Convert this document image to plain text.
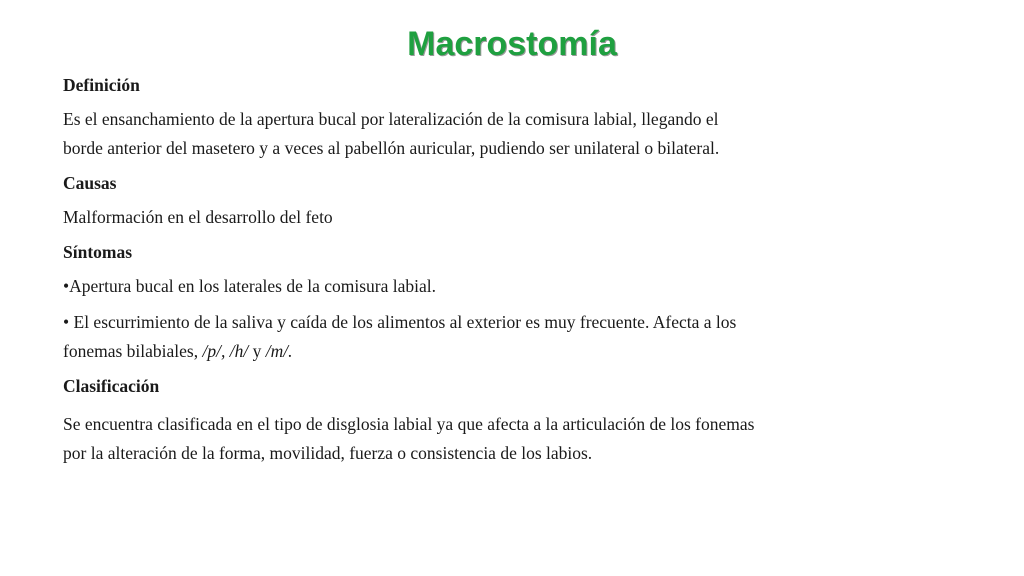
Macrostomía

Definición

Es el ensanchamiento de la apertura bucal por lateralización de la comisura labial, llegando el

borde anterior del masetero y a veces al pabellón auricular, pudiendo ser unilateral o bilateral.

Causas

Malformación en el desarrollo del feto

Síntomas

•Apertura bucal en los laterales de la comisura labial.

• El escurrimiento de la saliva y caída de los alimentos al exterior es muy frecuente. Afecta a los

fonemas bilabiales, /p/, /h/ y /m/.

Clasificación

Se encuentra clasificada en el tipo de disglosia labial ya que afecta a la articulación de los fonemas

por la alteración de la forma, movilidad, fuerza o consistencia de los labios.
